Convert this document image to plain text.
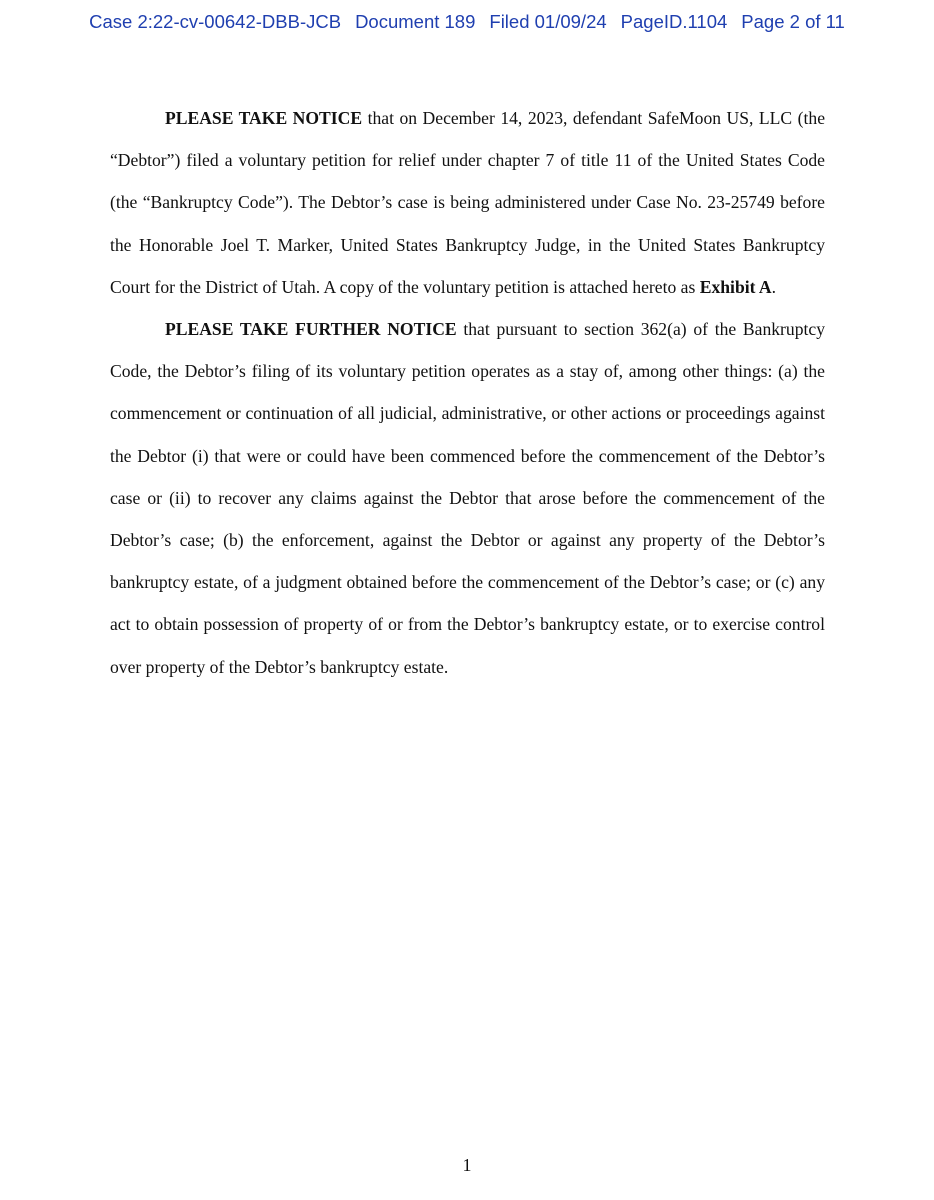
Case 2:22-cv-00642-DBB-JCB Document 189 Filed 01/09/24 PageID.1104 Page 2 of 11

PLEASE TAKE NOTICE that on December 14, 2023, defendant SafeMoon US, LLC (the “Debtor”) filed a voluntary petition for relief under chapter 7 of title 11 of the United States Code (the “Bankruptcy Code”). The Debtor’s case is being administered under Case No. 23-25749 before the Honorable Joel T. Marker, United States Bankruptcy Judge, in the United States Bankruptcy Court for the District of Utah. A copy of the voluntary petition is attached hereto as Exhibit A.

PLEASE TAKE FURTHER NOTICE that pursuant to section 362(a) of the Bankruptcy Code, the Debtor’s filing of its voluntary petition operates as a stay of, among other things: (a) the commencement or continuation of all judicial, administrative, or other actions or proceedings against the Debtor (i) that were or could have been commenced before the commencement of the Debtor’s case or (ii) to recover any claims against the Debtor that arose before the commencement of the Debtor’s case; (b) the enforcement, against the Debtor or against any property of the Debtor’s bankruptcy estate, of a judgment obtained before the commencement of the Debtor’s case; or (c) any act to obtain possession of property of or from the Debtor’s bankruptcy estate, or to exercise control over property of the Debtor’s bankruptcy estate.

1
